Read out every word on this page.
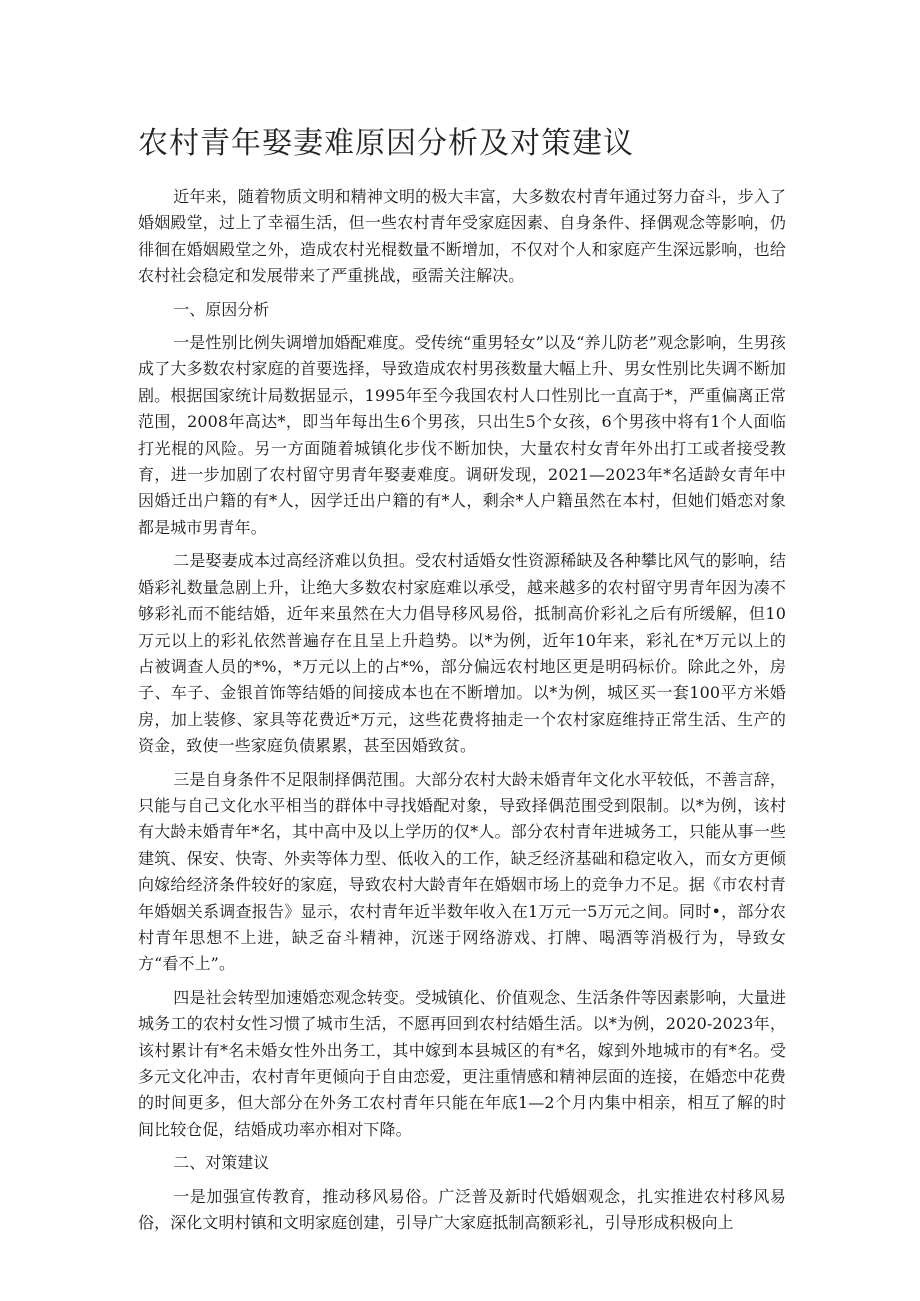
农村青年娶妻难原因分析及对策建议

近年来，随着物质文明和精神文明的极大丰富，大多数农村青年通过努力奋斗，步入了婚姻殿堂，过上了幸福生活，但一些农村青年受家庭因素、自身条件、择偶观念等影响，仍徘徊在婚姻殿堂之外，造成农村光棍数量不断增加，不仅对个人和家庭产生深远影响，也给农村社会稳定和发展带来了严重挑战，亟需关注解决。

一、原因分析

一是性别比例失调增加婚配难度。受传统“重男轻女”以及“养儿防老”观念影响，生男孩成了大多数农村家庭的首要选择，导致造成农村男孩数量大幅上升、男女性别比失调不断加剧。根据国家统计局数据显示，1995年至今我国农村人口性别比一直高于*，严重偏离正常范围，2008年高达*，即当年每出生6个男孩，只出生5个女孩，6个男孩中将有1个人面临打光棍的风险。另一方面随着城镇化步伐不断加快，大量农村女青年外出打工或者接受教育，进一步加剧了农村留守男青年娶妻难度。调研发现，2021—2023年*名适龄女青年中因婚迁出户籍的有*人，因学迁出户籍的有*人，剩余*人户籍虽然在本村，但她们婚恋对象都是城市男青年。

二是娶妻成本过高经济难以负担。受农村适婚女性资源稀缺及各种攀比风气的影响，结婚彩礼数量急剧上升，让绝大多数农村家庭难以承受，越来越多的农村留守男青年因为凑不够彩礼而不能结婚，近年来虽然在大力倡导移风易俗，抵制高价彩礼之后有所缓解，但10万元以上的彩礼依然普遍存在且呈上升趋势。以*为例，近年10年来，彩礼在*万元以上的占被调查人员的*%，*万元以上的占*%，部分偏远农村地区更是明码标价。除此之外，房子、车子、金银首饰等结婚的间接成本也在不断增加。以*为例，城区买一套100平方米婚房，加上装修、家具等花费近*万元，这些花费将抽走一个农村家庭维持正常生活、生产的资金，致使一些家庭负债累累，甚至因婚致贫。

三是自身条件不足限制择偶范围。大部分农村大龄未婚青年文化水平较低，不善言辞，只能与自己文化水平相当的群体中寻找婚配对象，导致择偶范围受到限制。以*为例，该村有大龄未婚青年*名，其中高中及以上学历的仅*人。部分农村青年进城务工，只能从事一些建筑、保安、快寄、外卖等体力型、低收入的工作，缺乏经济基础和稳定收入，而女方更倾向嫁给经济条件较好的家庭，导致农村大龄青年在婚姻市场上的竞争力不足。据《市农村青年婚姻关系调查报告》显示，农村青年近半数年收入在1万元一5万元之间。同时•，部分农村青年思想不上进，缺乏奋斗精神，沉迷于网络游戏、打牌、喝酒等消极行为，导致女方“看不上”。

四是社会转型加速婚恋观念转变。受城镇化、价值观念、生活条件等因素影响，大量进城务工的农村女性习惯了城市生活，不愿再回到农村结婚生活。以*为例，2020-2023年，该村累计有*名未婚女性外出务工，其中嫁到本县城区的有*名，嫁到外地城市的有*名。受多元文化冲击，农村青年更倾向于自由恋爱，更注重情感和精神层面的连接，在婚恋中花费的时间更多，但大部分在外务工农村青年只能在年底1—2个月内集中相亲，相互了解的时间比较仓促，结婚成功率亦相对下降。

二、对策建议

一是加强宣传教育，推动移风易俗。广泛普及新时代婚姻观念，扎实推进农村移风易俗，深化文明村镇和文明家庭创建，引导广大家庭抵制高额彩礼，引导形成积极向上
